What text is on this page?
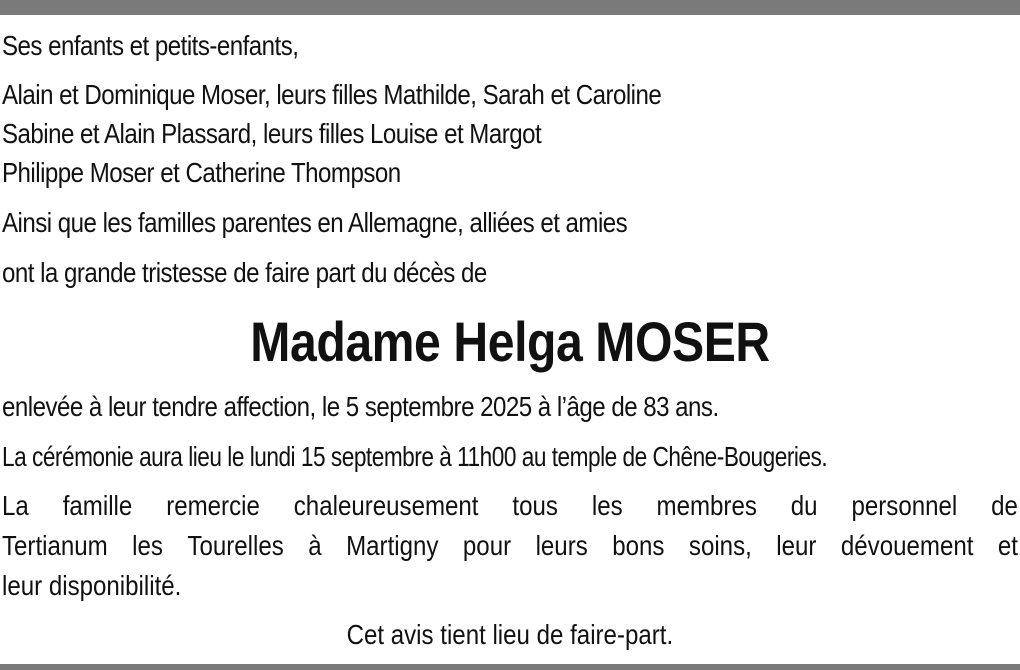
Ses enfants et petits-enfants,
Alain et Dominique Moser, leurs filles Mathilde, Sarah et Caroline
Sabine et Alain Plassard, leurs filles Louise et Margot
Philippe Moser et Catherine Thompson
Ainsi que les familles parentes en Allemagne, alliées et amies
ont la grande tristesse de faire part du décès de
Madame Helga MOSER
enlevée à leur tendre affection, le 5 septembre 2025 à l’âge de 83 ans.
La cérémonie aura lieu le lundi 15 septembre à 11h00 au temple de Chêne-Bougeries.
La famille remercie chaleureusement tous les membres du personnel de
Tertianum les Tourelles à Martigny pour leurs bons soins, leur dévouement et
leur disponibilité.
Cet avis tient lieu de faire-part.
